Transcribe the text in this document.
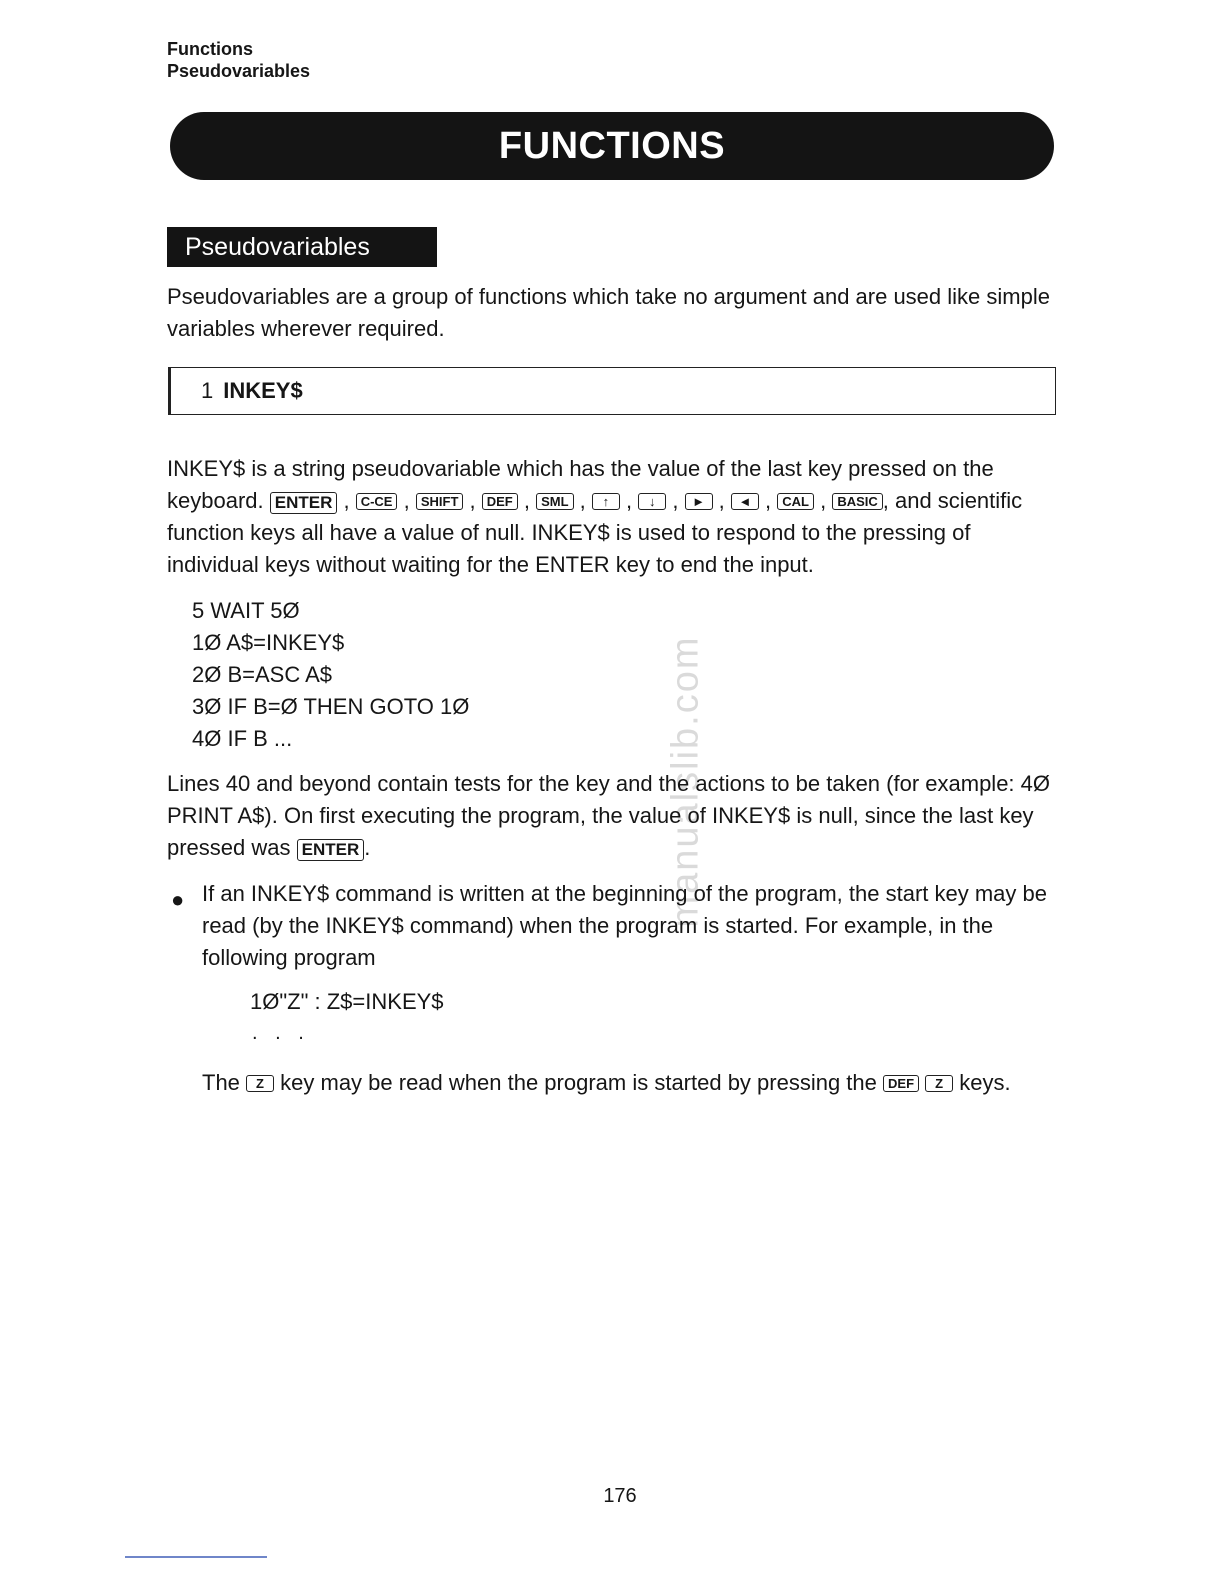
Functions
Pseudovariables
FUNCTIONS
Pseudovariables

Pseudovariables are a group of functions which take no argument and are used like simple variables wherever required.

1 INKEY$

INKEY$ is a string pseudovariable which has the value of the last key pressed on the keyboard. ENTER , C-CE , SHIFT , DEF , SML , ↑ , ↓ , ► , ◄ , CAL , BASIC , and scientific function keys all have a value of null. INKEY$ is used to respond to the pressing of individual keys without waiting for the ENTER key to end the input.

5 WAIT 5Ø
1Ø A$=INKEY$
2Ø B=ASC A$
3Ø IF B=Ø THEN GOTO 1Ø
4Ø IF B ...	manualslib.com

Lines 40 and beyond contain tests for the key and the actions to be taken (for example: 4Ø PRINT A$). On first executing the program, the value of INKEY$ is null, since the last key pressed was ENTER .

● If an INKEY$ command is written at the beginning of the program, the start key may be read (by the INKEY$ command) when the program is started. For example, in the following program

1Ø"Z" : Z$=INKEY$
. . .

The Z key may be read when the program is started by pressing the DEF Z keys.

176
